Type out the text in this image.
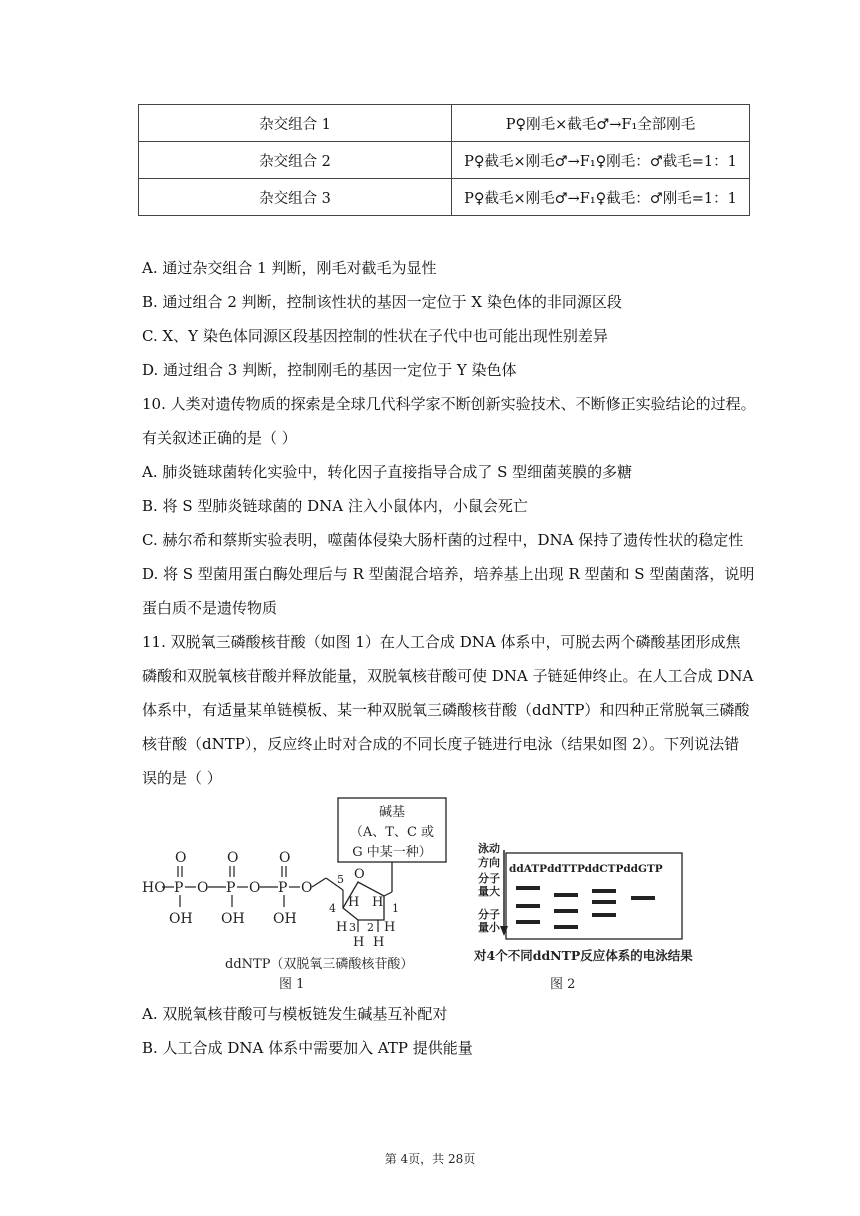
杂交组合 1	P♀刚毛×截毛♂→F₁全部刚毛
杂交组合 2	P♀截毛×刚毛♂→F₁♀刚毛：♂截毛=1：1
杂交组合 3	P♀截毛×刚毛♂→F₁♀截毛：♂刚毛=1：1
A. 通过杂交组合 1 判断，刚毛对截毛为显性
B. 通过组合 2 判断，控制该性状的基因一定位于 X 染色体的非同源区段
C. X、Y 染色体同源区段基因控制的性状在子代中也可能出现性别差异
D. 通过组合 3 判断，控制刚毛的基因一定位于 Y 染色体
10. 人类对遗传物质的探索是全球几代科学家不断创新实验技术、不断修正实验结论的过程。
有关叙述正确的是（ ）
A. 肺炎链球菌转化实验中，转化因子直接指导合成了 S 型细菌荚膜的多糖
B. 将 S 型肺炎链球菌的 DNA 注入小鼠体内，小鼠会死亡
C. 赫尔希和蔡斯实验表明，噬菌体侵染大肠杆菌的过程中，DNA 保持了遗传性状的稳定性
D. 将 S 型菌用蛋白酶处理后与 R 型菌混合培养，培养基上出现 R 型菌和 S 型菌菌落，说明
蛋白质不是遗传物质
11. 双脱氧三磷酸核苷酸（如图 1）在人工合成 DNA 体系中，可脱去两个磷酸基团形成焦
磷酸和双脱氧核苷酸并释放能量，双脱氧核苷酸可使 DNA 子链延伸终止。在人工合成 DNA
体系中，有适量某单链模板、某一种双脱氧三磷酸核苷酸（ddNTP）和四种正常脱氧三磷酸
核苷酸（dNTP），反应终止时对合成的不同长度子链进行电泳（结果如图 2）。下列说法错
误的是（ ）
碱基
（A、T、C 或
G 中某一种）
HO P O P O P O
O	O	O
OH OH OH
5 O
4	1
H H
3 2
H	H
H H
ddNTP（双脱氧三磷酸核苷酸）
图 1
泳动
方向
分子
量大
分子
量小
ddATP ddTTP ddCTP ddGTP
对4个不同ddNTP反应体系的电泳结果
图 2
A. 双脱氧核苷酸可与模板链发生碱基互补配对
B. 人工合成 DNA 体系中需要加入 ATP 提供能量
第 4页，共 28页
